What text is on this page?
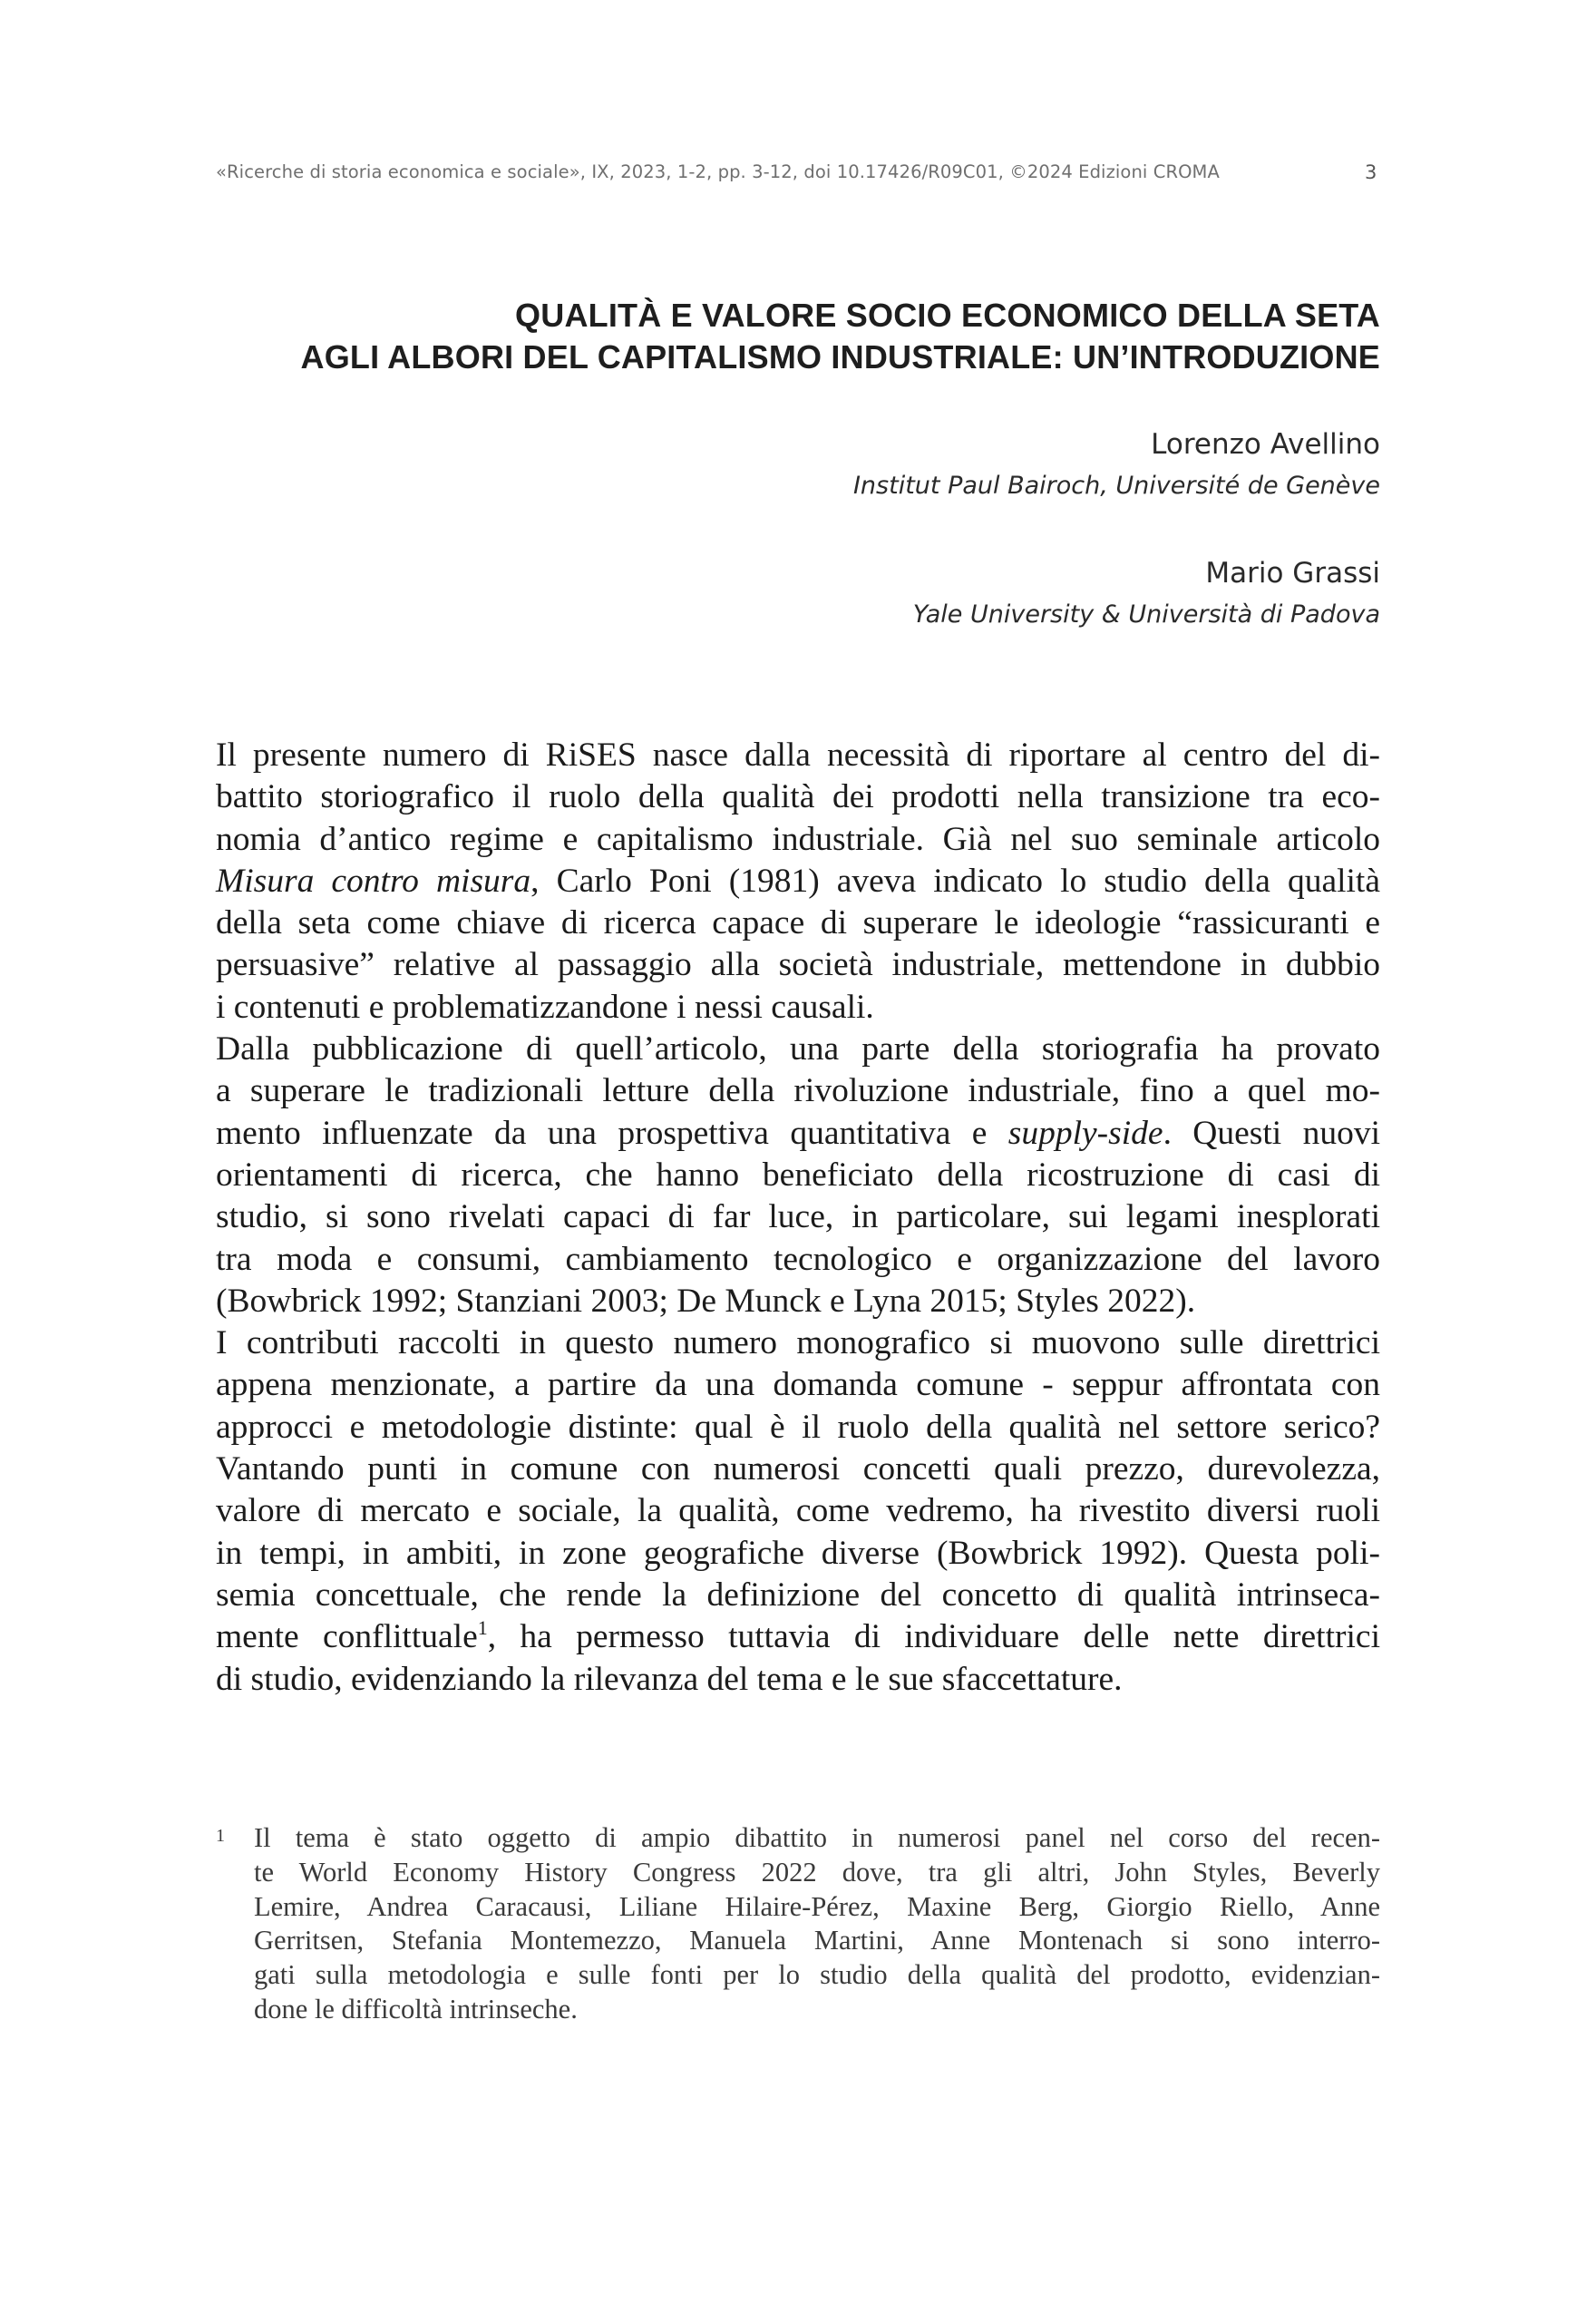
«Ricerche di storia economica e sociale», IX, 2023, 1-2, pp. 3-12, doi 10.17426/R09C01, ©2024 Edizioni CROMA	3
QUALITÀ E VALORE SOCIO ECONOMICO DELLA SETA
AGLI ALBORI DEL CAPITALISMO INDUSTRIALE: UN’INTRODUZIONE
Lorenzo Avellino
Institut Paul Bairoch, Université de Genève
Mario Grassi
Yale University & Università di Padova
Il presente numero di RiSES nasce dalla necessità di riportare al centro del di-
battito storiografico il ruolo della qualità dei prodotti nella transizione tra eco-
nomia d’antico regime e capitalismo industriale. Già nel suo seminale articolo
Misura contro misura, Carlo Poni (1981) aveva indicato lo studio della qualità
della seta come chiave di ricerca capace di superare le ideologie “rassicuranti e
persuasive” relative al passaggio alla società industriale, mettendone in dubbio
i contenuti e problematizzandone i nessi causali.
Dalla pubblicazione di quell’articolo, una parte della storiografia ha provato
a superare le tradizionali letture della rivoluzione industriale, fino a quel mo-
mento influenzate da una prospettiva quantitativa e supply-side. Questi nuovi
orientamenti di ricerca, che hanno beneficiato della ricostruzione di casi di
studio, si sono rivelati capaci di far luce, in particolare, sui legami inesplorati
tra moda e consumi, cambiamento tecnologico e organizzazione del lavoro
(Bowbrick 1992; Stanziani 2003; De Munck e Lyna 2015; Styles 2022).
I contributi raccolti in questo numero monografico si muovono sulle direttrici
appena menzionate, a partire da una domanda comune - seppur affrontata con
approcci e metodologie distinte: qual è il ruolo della qualità nel settore serico?
Vantando punti in comune con numerosi concetti quali prezzo, durevolezza,
valore di mercato e sociale, la qualità, come vedremo, ha rivestito diversi ruoli
in tempi, in ambiti, in zone geografiche diverse (Bowbrick 1992). Questa poli-
semia concettuale, che rende la definizione del concetto di qualità intrinseca-
mente conflittuale$^1$, ha permesso tuttavia di individuare delle nette direttrici
di studio, evidenziando la rilevanza del tema e le sue sfaccettature.
1 Il tema è stato oggetto di ampio dibattito in numerosi panel nel corso del recen-
te World Economy History Congress 2022 dove, tra gli altri, John Styles, Beverly
Lemire, Andrea Caracausi, Liliane Hilaire-Pérez, Maxine Berg, Giorgio Riello, Anne
Gerritsen, Stefania Montemezzo, Manuela Martini, Anne Montenach si sono interro-
gati sulla metodologia e sulle fonti per lo studio della qualità del prodotto, evidenzian-
done le difficoltà intrinseche.
